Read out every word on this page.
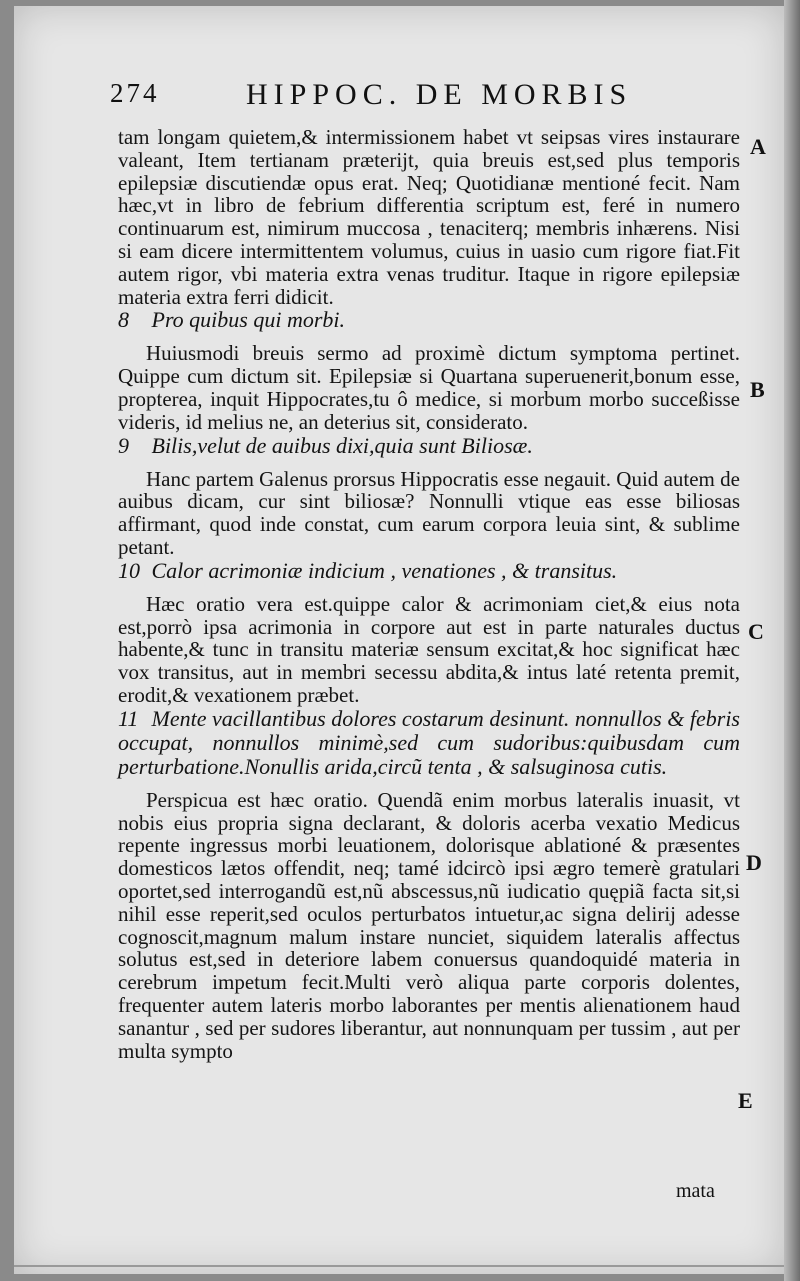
274	HIPPOC. DE MORBIS

tam longam quietem,& intermissionem habet vt seipsas vires instaurare valeant, Item tertianam præterijt, quia breuis est,sed plus temporis epilepsiæ discutiendæ opus erat. Neq; Quotidianæ mentioné fecit. Nam hæc,vt in libro de febrium differentia scriptum est, feré in numero continuarum est, nimirum muccosa , tenaciterq; membris inhærens. Nisi si eam dicere intermittentem volumus, cuius in uasio cum rigore fiat.Fit autem rigor, vbi materia extra venas truditur. Itaque in rigore epilepsiæ materia extra ferri didicit.

8 Pro quibus qui morbi.

Huiusmodi breuis sermo ad proximè dictum symptoma pertinet. Quippe cum dictum sit. Epilepsiæ si Quartana superuenerit,bonum esse, propterea, inquit Hippocrates,tu ô medice, si morbum morbo succeßisse videris, id melius ne, an deterius sit, considerato.

9 Bilis,velut de auibus dixi,quia sunt Biliosæ.

Hanc partem Galenus prorsus Hippocratis esse negauit. Quid autem de auibus dicam, cur sint biliosæ? Nonnulli vtique eas esse biliosas affirmant, quod inde constat, cum earum corpora leuia sint, & sublime petant.

10 Calor acrimoniæ indicium , venationes , & transitus.

Hæc oratio vera est.quippe calor & acrimoniam ciet,& eius nota est,porrò ipsa acrimonia in corpore aut est in parte naturales ductus habente,& tunc in transitu materiæ sensum excitat,& hoc significat hæc vox transitus, aut in membri secessu abdita,& intus laté retenta premit, erodit,& vexationem præbet.

11 Mente vacillantibus dolores costarum desinunt. nonnullos & febris occupat, nonnullos minimè,sed cum sudoribus:quibusdam cum perturbatione.Nonullis arida,circũ tenta , & salsuginosa cutis.

Perspicua est hæc oratio. Quendã enim morbus lateralis inuasit, vt nobis eius propria signa declarant, & doloris acerba vexatio Medicus repente ingressus morbi leuationem, dolorisque ablationé & præsentes domesticos lætos offendit, neq; tamé idcircò ipsi ægro temerè gratulari oportet,sed interrogandũ est,nũ abscessus,nũ iudicatio quępiã facta sit,si nihil esse reperit,sed oculos perturbatos intuetur,ac signa delirij adesse cognoscit,magnum malum instare nunciet, siquidem lateralis affectus solutus est,sed in deteriore labem conuersus quandoquidé materia in cerebrum impetum fecit.Multi verò aliqua parte corporis dolentes, frequenter autem lateris morbo laborantes per mentis alienationem haud sanantur , sed per sudores liberantur, aut nonnunquam per tussim , aut per multa sympto

mata
A
B
C
D
E
